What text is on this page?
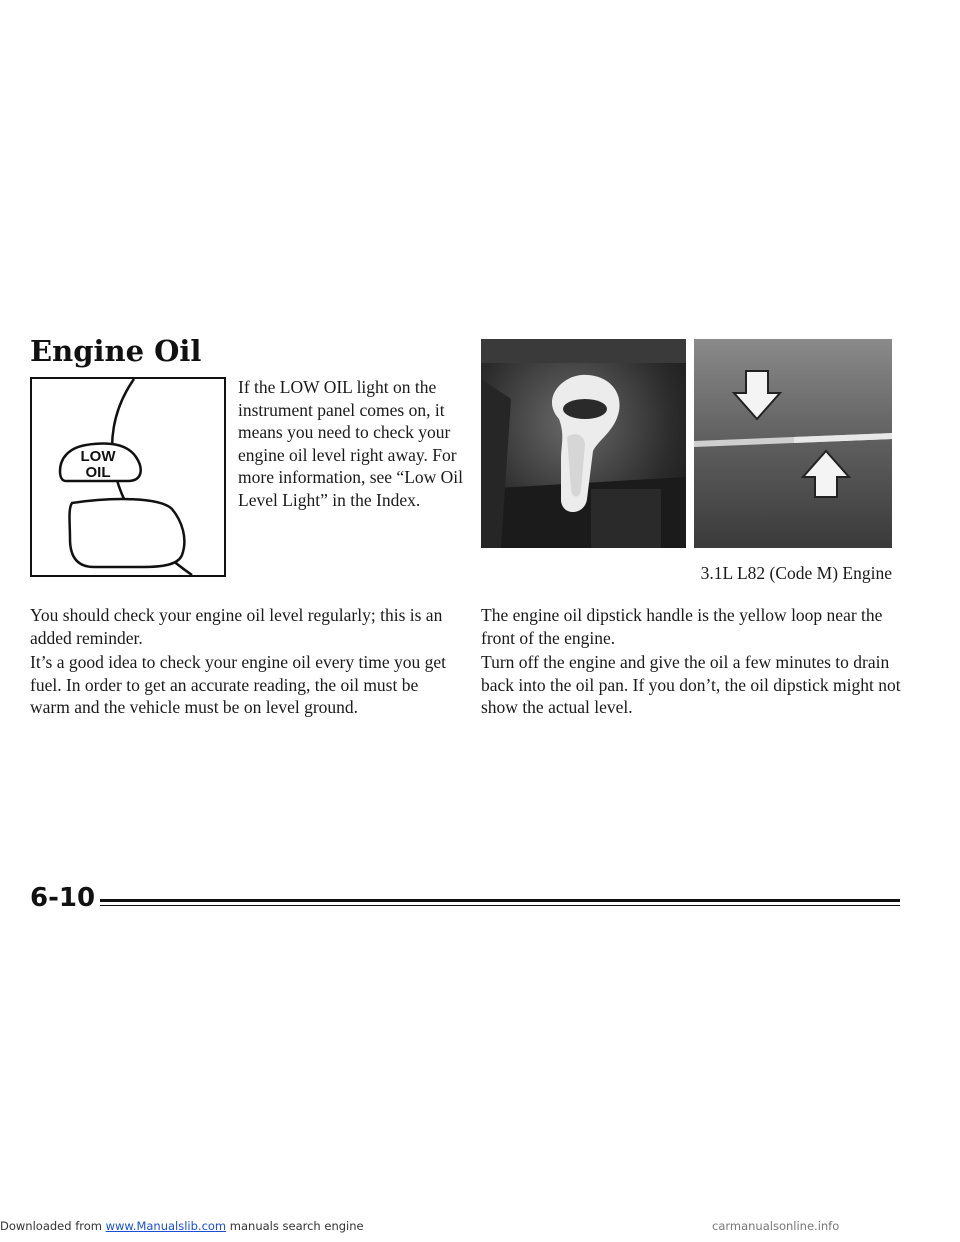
Engine Oil
LOW
OIL

If the LOW OIL light on the instrument panel comes on, it means you need to check your engine oil level right away. For more information, see “Low Oil Level Light” in the Index.

3.1L L82 (Code M) Engine

You should check your engine oil level regularly; this is an added reminder.

It’s a good idea to check your engine oil every time you get fuel. In order to get an accurate reading, the oil must be warm and the vehicle must be on level ground.

The engine oil dipstick handle is the yellow loop near the front of the engine.

Turn off the engine and give the oil a few minutes to drain back into the oil pan. If you don’t, the oil dipstick might not show the actual level.

6-10
Downloaded from www.Manualslib.com manuals search engine	carmanualsonline.info
